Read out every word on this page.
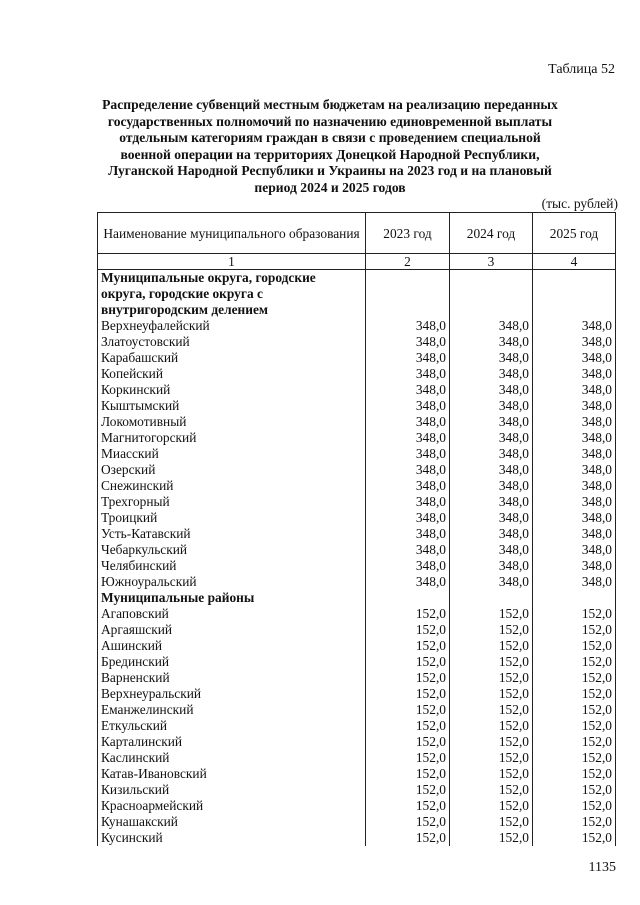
Таблица 52
Распределение субвенций местным бюджетам на реализацию переданных государственных полномочий по назначению единовременной выплаты отдельным категориям граждан в связи с проведением специальной военной операции на территориях Донецкой Народной Республики, Луганской Народной Республики и Украины на 2023 год и на плановый период 2024 и 2025 годов
(тыс. рублей)
Наименование муниципального образования	2023 год	2024 год	2025 год
1	2	3	4
Муниципальные округа, городские округа, городские округа с внутригородским делением			
Верхнеуфалейский	348,0	348,0	348,0
Златоустовский	348,0	348,0	348,0
Карабашский	348,0	348,0	348,0
Копейский	348,0	348,0	348,0
Коркинский	348,0	348,0	348,0
Кыштымский	348,0	348,0	348,0
Локомотивный	348,0	348,0	348,0
Магнитогорский	348,0	348,0	348,0
Миасский	348,0	348,0	348,0
Озерский	348,0	348,0	348,0
Снежинский	348,0	348,0	348,0
Трехгорный	348,0	348,0	348,0
Троицкий	348,0	348,0	348,0
Усть-Катавский	348,0	348,0	348,0
Чебаркульский	348,0	348,0	348,0
Челябинский	348,0	348,0	348,0
Южноуральский	348,0	348,0	348,0
Муниципальные районы			
Агаповский	152,0	152,0	152,0
Аргаяшский	152,0	152,0	152,0
Ашинский	152,0	152,0	152,0
Брединский	152,0	152,0	152,0
Варненский	152,0	152,0	152,0
Верхнеуральский	152,0	152,0	152,0
Еманжелинский	152,0	152,0	152,0
Еткульский	152,0	152,0	152,0
Карталинский	152,0	152,0	152,0
Каслинский	152,0	152,0	152,0
Катав-Ивановский	152,0	152,0	152,0
Кизильский	152,0	152,0	152,0
Красноармейский	152,0	152,0	152,0
Кунашакский	152,0	152,0	152,0
Кусинский	152,0	152,0	152,0
1135
